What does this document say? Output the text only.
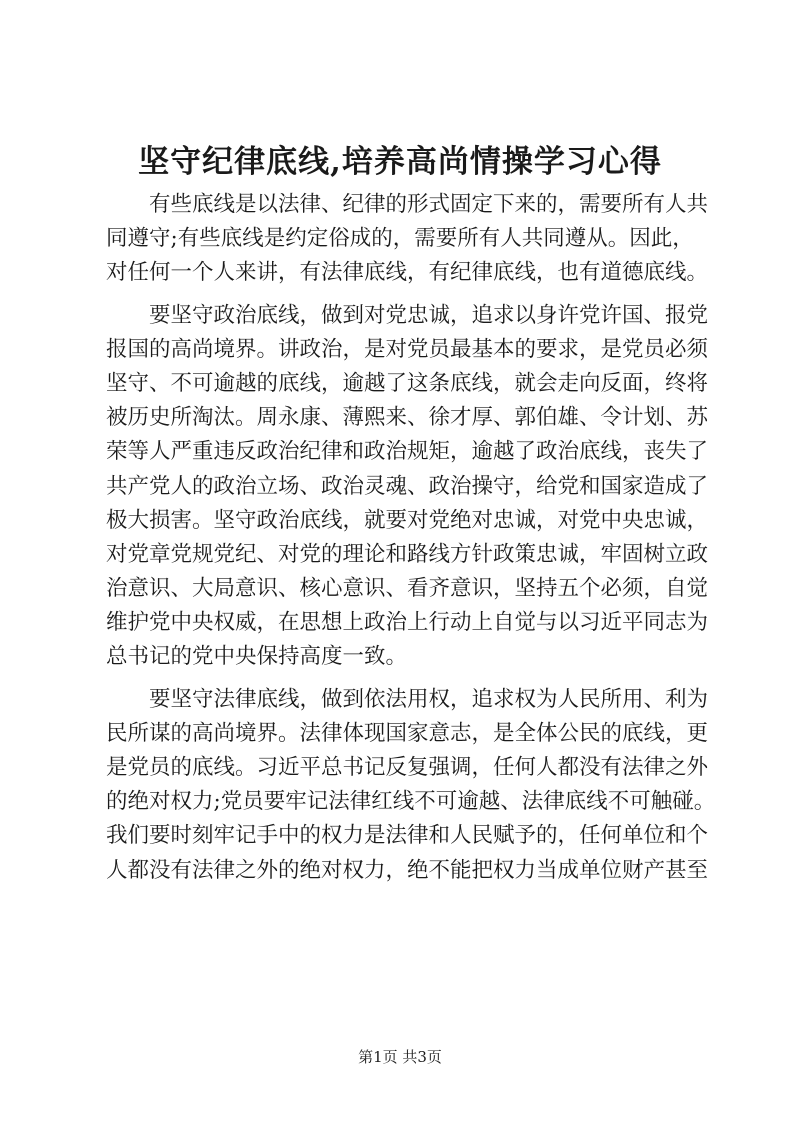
坚守纪律底线,培养高尚情操学习心得
有些底线是以法律、纪律的形式固定下来的，需要所有人共
同遵守;有些底线是约定俗成的，需要所有人共同遵从。因此，
对任何一个人来讲，有法律底线，有纪律底线，也有道德底线。
要坚守政治底线，做到对党忠诚，追求以身许党许国、报党
报国的高尚境界。讲政治，是对党员最基本的要求，是党员必须
坚守、不可逾越的底线，逾越了这条底线，就会走向反面，终将
被历史所淘汰。周永康、薄熙来、徐才厚、郭伯雄、令计划、苏
荣等人严重违反政治纪律和政治规矩，逾越了政治底线，丧失了
共产党人的政治立场、政治灵魂、政治操守，给党和国家造成了
极大损害。坚守政治底线，就要对党绝对忠诚，对党中央忠诚，
对党章党规党纪、对党的理论和路线方针政策忠诚，牢固树立政
治意识、大局意识、核心意识、看齐意识，坚持五个必须，自觉
维护党中央权威，在思想上政治上行动上自觉与以习近平同志为
总书记的党中央保持高度一致。
要坚守法律底线，做到依法用权，追求权为人民所用、利为
民所谋的高尚境界。法律体现国家意志，是全体公民的底线，更
是党员的底线。习近平总书记反复强调，任何人都没有法律之外
的绝对权力;党员要牢记法律红线不可逾越、法律底线不可触碰。
我们要时刻牢记手中的权力是法律和人民赋予的，任何单位和个
人都没有法律之外的绝对权力，绝不能把权力当成单位财产甚至
第1页 共3页
